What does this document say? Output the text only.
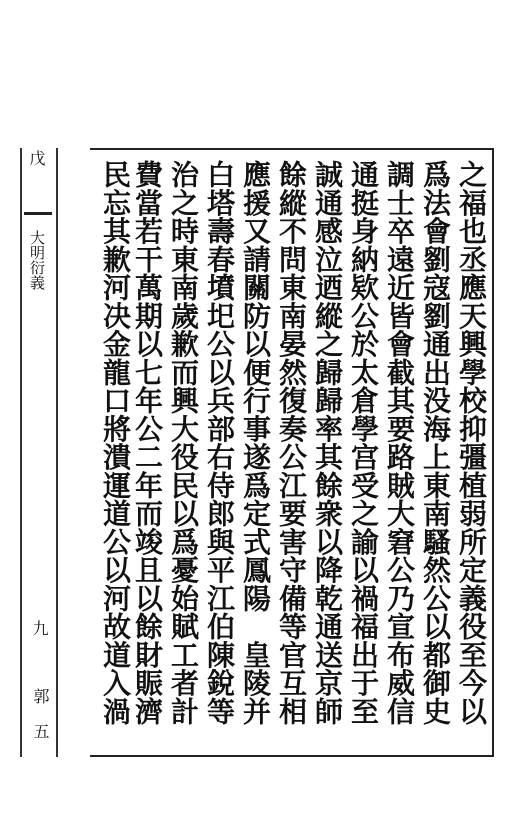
戊
大明衍義
九
郭 五	之福也丞應天興學校抑彊植弱所定義役至今以
爲法會劉寇劉通出没海上東南騷然公以都御史
調士卒遠近皆會截其要路賊大窘公乃宣布威信
通挺身納欵公於太倉學宫受之諭以禍福出于至
誠通感泣迺縱之歸歸率其餘衆以降乾通送京師
餘縱不問東南晏然復奏公江要害守備等官互相
應援又請關防以便行事遂爲定式鳳陽　皇陵并
白塔壽春墳圯公以兵部右侍郎與平江伯陳銳等
治之時東南歲歉而興大役民以爲憂始賦工者計
費當若干萬期以七年公二年而竣且以餘財賑濟
民忘其歉河决金龍口將潰運道公以河故道入渦
